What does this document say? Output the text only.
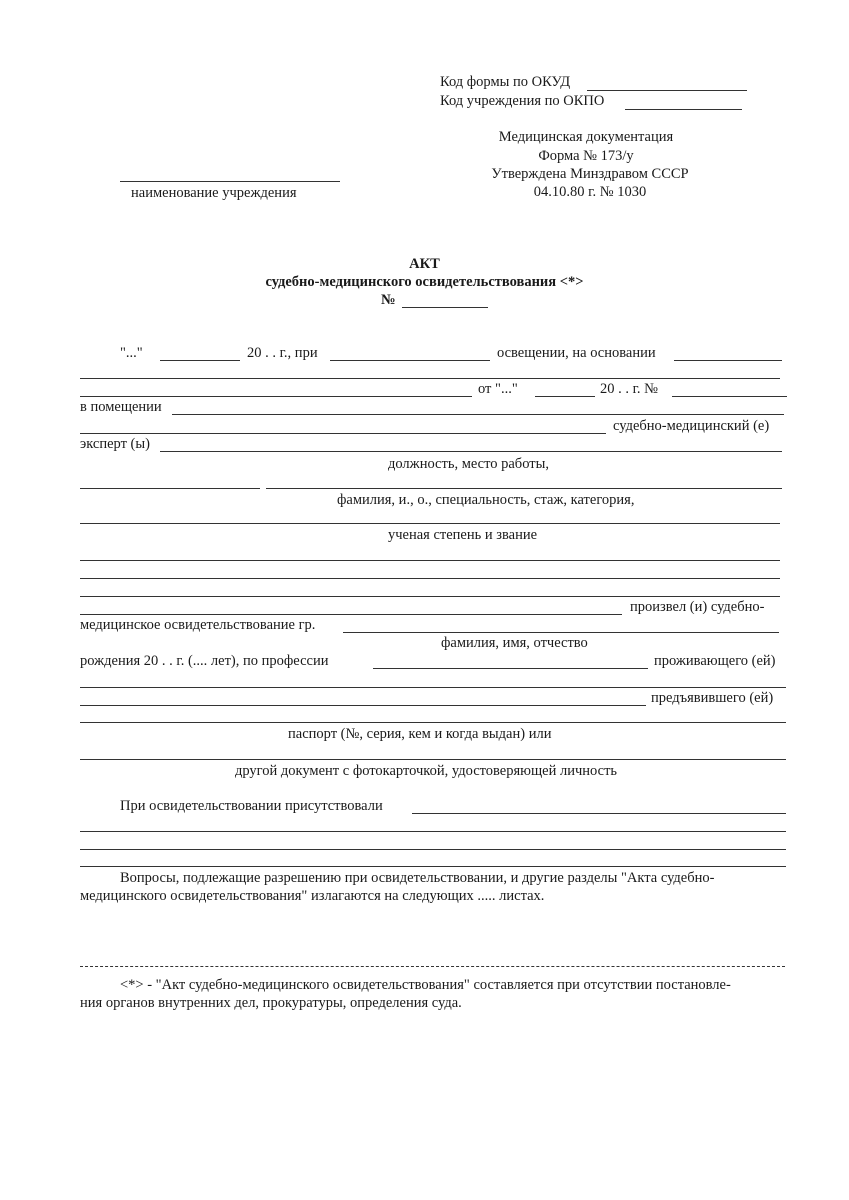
Код формы по ОКУД
Код учреждения по ОКПО
Медицинская документация
Форма № 173/у
Утверждена Минздравом СССР
04.10.80 г. № 1030
наименование учреждения
АКТ
судебно-медицинского освидетельствования <*>
№
"..."	20 . . г., при	освещении, на основании
от "..."	20 . . г. №
в помещении
судебно-медицинский (е)
эксперт (ы)
должность, место работы,
фамилия, и., о., специальность, стаж, категория,
ученая степень и звание
произвел (и) судебно-
медицинское освидетельствование гр.
фамилия, имя, отчество
рождения 20 . . г. (.... лет), по профессии	проживающего (ей)
предъявившего (ей)
паспорт (№, серия, кем и когда выдан) или
другой документ с фотокарточкой, удостоверяющей личность
При освидетельствовании присутствовали
Вопросы, подлежащие разрешению при освидетельствовании, и другие разделы "Акта судебно-
медицинского освидетельствования" излагаются на следующих ..... листах.
<*> - "Акт судебно-медицинского освидетельствования" составляется при отсутствии постановле-
ния органов внутренних дел, прокуратуры, определения суда.
